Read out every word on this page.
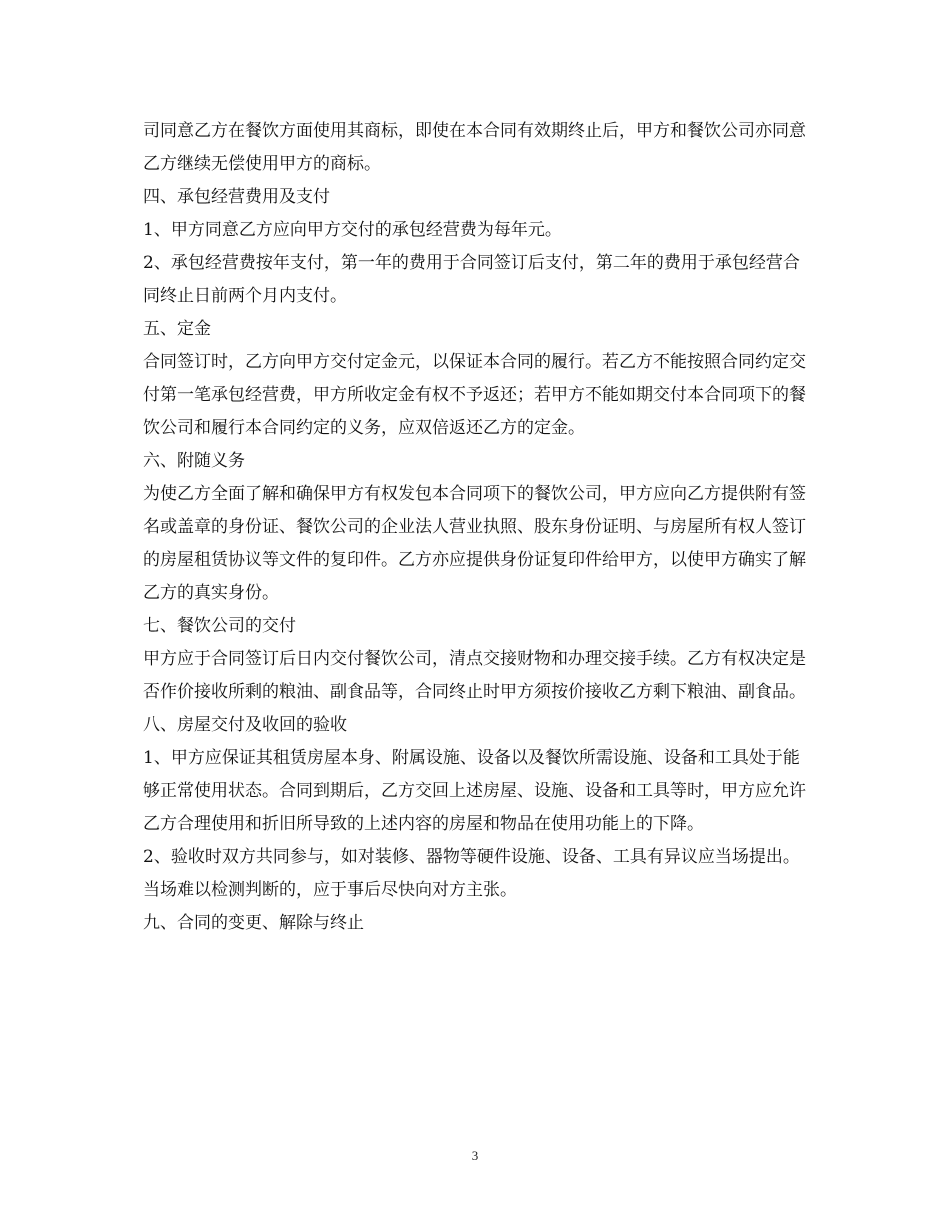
司同意乙方在餐饮方面使用其商标，即使在本合同有效期终止后，甲方和餐饮公司亦同意乙方继续无偿使用甲方的商标。

四、承包经营费用及支付

1、甲方同意乙方应向甲方交付的承包经营费为每年元。

2、承包经营费按年支付，第一年的费用于合同签订后支付，第二年的费用于承包经营合同终止日前两个月内支付。

五、定金

合同签订时，乙方向甲方交付定金元，以保证本合同的履行。若乙方不能按照合同约定交付第一笔承包经营费，甲方所收定金有权不予返还；若甲方不能如期交付本合同项下的餐饮公司和履行本合同约定的义务，应双倍返还乙方的定金。

六、附随义务

为使乙方全面了解和确保甲方有权发包本合同项下的餐饮公司，甲方应向乙方提供附有签名或盖章的身份证、餐饮公司的企业法人营业执照、股东身份证明、与房屋所有权人签订的房屋租赁协议等文件的复印件。乙方亦应提供身份证复印件给甲方，以使甲方确实了解乙方的真实身份。

七、餐饮公司的交付

甲方应于合同签订后日内交付餐饮公司，清点交接财物和办理交接手续。乙方有权决定是否作价接收所剩的粮油、副食品等，合同终止时甲方须按价接收乙方剩下粮油、副食品。

八、房屋交付及收回的验收

1、甲方应保证其租赁房屋本身、附属设施、设备以及餐饮所需设施、设备和工具处于能够正常使用状态。合同到期后，乙方交回上述房屋、设施、设备和工具等时，甲方应允许乙方合理使用和折旧所导致的上述内容的房屋和物品在使用功能上的下降。

2、验收时双方共同参与，如对装修、器物等硬件设施、设备、工具有异议应当场提出。当场难以检测判断的，应于事后尽快向对方主张。

九、合同的变更、解除与终止

3
